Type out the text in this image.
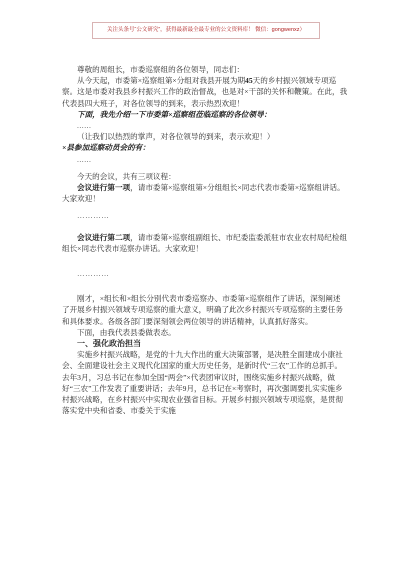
关注头条号“公文研究”，获得最新最全最专业的公文资料库！ 微信：gongwenxz）

尊敬的周组长，市委巡察组的各位领导，同志们：

从今天起，市委第×巡察组第×分组对我县开展为期45天的乡村振兴领域专项巡察。这是市委对我县乡村振兴工作的政治督战，也是对×干部的关怀和鞭策。在此，我代表县四大班子，对各位领导的到来，表示热烈欢迎！

下面，我先介绍一下市委第×巡察组莅临巡察的各位领导：

......

（让我们以热烈的掌声，对各位领导的到来，表示欢迎！）

×县参加巡察动员会的有：

......

今天的会议，共有三项议程：

会议进行第一项，请市委第×巡察组第×分组组长×同志代表市委第×巡察组讲话。大家欢迎！

…………

会议进行第二项，请市委第×巡察组副组长、市纪委监委派驻市农业农村局纪检组组长×同志代表市巡察办讲话。大家欢迎！

…………

刚才，×组长和×组长分别代表市委巡察办、市委第×巡察组作了讲话，深刻阐述了开展乡村振兴领域专项巡察的重大意义，明确了此次乡村振兴专项巡察的主要任务和具体要求。各级各部门要深刻领会两位领导的讲话精神，认真抓好落实。

下面，由我代表县委做表态。

一、强化政治担当

实施乡村振兴战略，是党的十九大作出的重大决策部署，是决胜全面建成小康社会、全面建设社会主义现代化国家的重大历史任务，是新时代“三农”工作的总抓手。去年3月，习总书记在参加全国“两会”×代表团审议时，围绕实施乡村振兴战略，做好“三农”工作发表了重要讲话；去年9月，总书记在×考察时，再次强调要扎实实施乡村振兴战略，在乡村振兴中实现农业强省目标。开展乡村振兴领域专项巡察，是贯彻落实党中央和省委、市委关于实施
